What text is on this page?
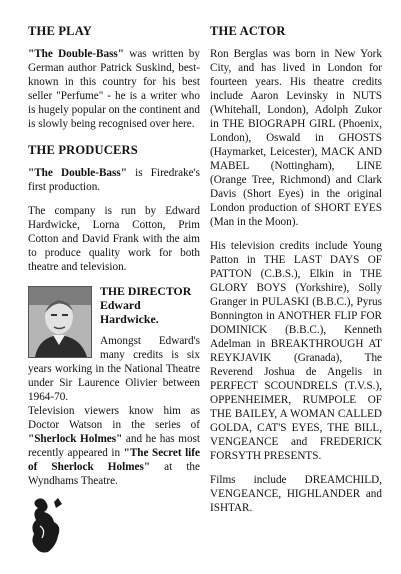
THE PLAY

"The Double-Bass" was written by German author Patrick Suskind, best-known in this country for his best seller "Perfume" - he is a writer who is hugely popular on the continent and is slowly being recognised over here.

THE PRODUCERS

"The Double-Bass" is Firedrake's first production.

The company is run by Edward Hardwicke, Lorna Cotton, Prim Cotton and David Frank with the aim to produce quality work for both theatre and television.

THE DIRECTOR

Edward Hardwicke.

Amongst Edward's many credits is six years working in the National Theatre under Sir Laurence Olivier between 1964-70.

Television viewers know him as Doctor Watson in the series of "Sherlock Holmes" and he has most recently appeared in "The Secret life of Sherlock Holmes" at the Wyndhams Theatre.

THE ACTOR

Ron Berglas was born in New York City, and has lived in London for fourteen years. His theatre credits include Aaron Levinsky in NUTS (Whitehall, London), Adolph Zukor in THE BIOGRAPH GIRL (Phoenix, London), Oswald in GHOSTS (Haymarket, Leicester), MACK AND MABEL (Nottingham), LINE (Orange Tree, Richmond) and Clark Davis (Short Eyes) in the original London production of SHORT EYES (Man in the Moon).

His television credits include Young Patton in THE LAST DAYS OF PATTON (C.B.S.), Elkin in THE GLORY BOYS (Yorkshire), Solly Granger in PULASKI (B.B.C.), Pyrus Bonnington in ANOTHER FLIP FOR DOMINICK (B.B.C.), Kenneth Adelman in BREAKTHROUGH AT REYKJAVIK (Granada), The Reverend Joshua de Angelis in PERFECT SCOUNDRELS (T.V.S.), OPPENHEIMER, RUMPOLE OF THE BAILEY, A WOMAN CALLED GOLDA, CAT'S EYES, THE BILL, VENGEANCE and FREDERICK FORSYTH PRESENTS.

Films include DREAMCHILD, VENGEANCE, HIGHLANDER and ISHTAR.
